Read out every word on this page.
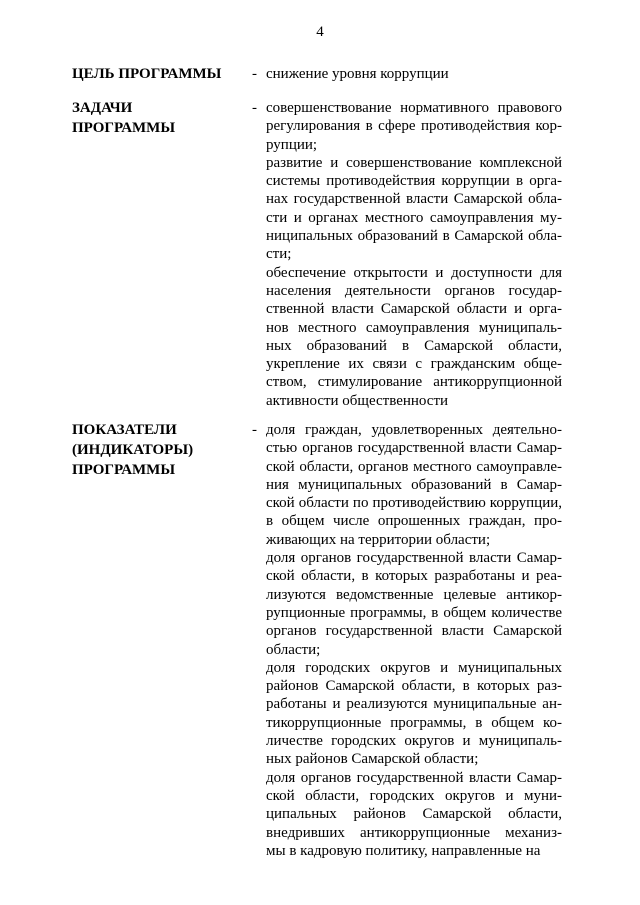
4
ЦЕЛЬ ПРОГРАММЫ	- снижение уровня коррупции
ЗАДАЧИ
ПРОГРАММЫ
- совершенствование нормативного правового
регулирования в сфере противодействия кор-
рупции;
развитие и совершенствование комплексной
системы противодействия коррупции в орга-
нах государственной власти Самарской обла-
сти и органах местного самоуправления му-
ниципальных образований в Самарской обла-
сти;
обеспечение открытости и доступности для
населения деятельности органов государ-
ственной власти Самарской области и орга-
нов местного самоуправления муниципаль-
ных образований в Самарской области,
укрепление их связи с гражданским обще-
ством, стимулирование антикоррупционной
активности общественности
ПОКАЗАТЕЛИ
(ИНДИКАТОРЫ)
ПРОГРАММЫ
- доля граждан, удовлетворенных деятельно-
стью органов государственной власти Самар-
ской области, органов местного самоуправле-
ния муниципальных образований в Самар-
ской области по противодействию коррупции,
в общем числе опрошенных граждан, про-
живающих на территории области;
доля органов государственной власти Самар-
ской области, в которых разработаны и реа-
лизуются ведомственные целевые антикор-
рупционные программы, в общем количестве
органов государственной власти Самарской
области;
доля городских округов и муниципальных
районов Самарской области, в которых раз-
работаны и реализуются муниципальные ан-
тикоррупционные программы, в общем ко-
личестве городских округов и муниципаль-
ных районов Самарской области;
доля органов государственной власти Самар-
ской области, городских округов и муни-
ципальных районов Самарской области,
внедривших антикоррупционные механиз-
мы в кадровую политику, направленные на
